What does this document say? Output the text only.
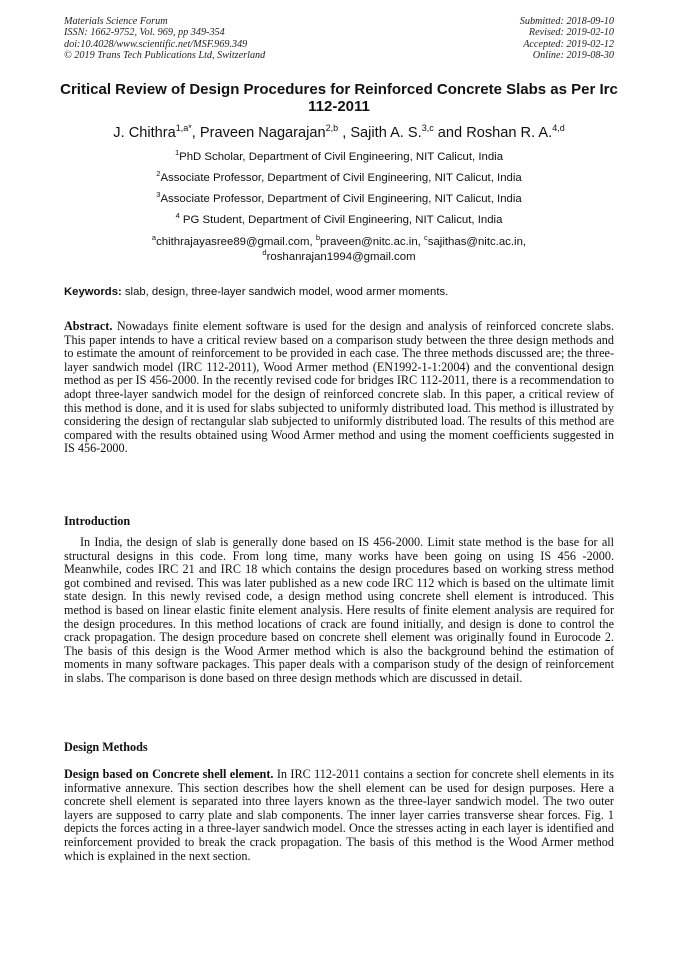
Materials Science Forum
ISSN: 1662-9752, Vol. 969, pp 349-354
doi:10.4028/www.scientific.net/MSF.969.349
© 2019 Trans Tech Publications Ltd, Switzerland
Submitted: 2018-09-10
Revised: 2019-02-10
Accepted: 2019-02-12
Online: 2019-08-30
Critical Review of Design Procedures for Reinforced Concrete Slabs as Per Irc 112-2011
J. Chithra$^{1,a*}$, Praveen Nagarajan$^{2,b}$ , Sajith A. S.$^{3,c}$ and Roshan R. A.$^{4,d}$
$^1$PhD Scholar, Department of Civil Engineering, NIT Calicut, India
$^2$Associate Professor, Department of Civil Engineering, NIT Calicut, India
$^3$Associate Professor, Department of Civil Engineering, NIT Calicut, India
$^4$ PG Student, Department of Civil Engineering, NIT Calicut, India
$^a$chithrajayasree89@gmail.com, $^b$praveen@nitc.ac.in, $^c$sajithas@nitc.ac.in,
$^d$roshanrajan1994@gmail.com
Keywords: slab, design, three-layer sandwich model, wood armer moments.
Abstract. Nowadays finite element software is used for the design and analysis of reinforced concrete slabs. This paper intends to have a critical review based on a comparison study between the three design methods and to estimate the amount of reinforcement to be provided in each case. The three methods discussed are; the three-layer sandwich model (IRC 112-2011), Wood Armer method (EN1992-1-1:2004) and the conventional design method as per IS 456-2000. In the recently revised code for bridges IRC 112-2011, there is a recommendation to adopt three-layer sandwich model for the design of reinforced concrete slab. In this paper, a critical review of this method is done, and it is used for slabs subjected to uniformly distributed load. This method is illustrated by considering the design of rectangular slab subjected to uniformly distributed load. The results of this method are compared with the results obtained using Wood Armer method and using the moment coefficients suggested in IS 456-2000.
Introduction
In India, the design of slab is generally done based on IS 456-2000. Limit state method is the base for all structural designs in this code. From long time, many works have been going on using IS 456 -2000. Meanwhile, codes IRC 21 and IRC 18 which contains the design procedures based on working stress method got combined and revised. This was later published as a new code IRC 112 which is based on the ultimate limit state design. In this newly revised code, a design method using concrete shell element is introduced. This method is based on linear elastic finite element analysis. Here results of finite element analysis are required for the design procedures. In this method locations of crack are found initially, and design is done to control the crack propagation. The design procedure based on concrete shell element was originally found in Eurocode 2. The basis of this design is the Wood Armer method which is also the background behind the estimation of moments in many software packages. This paper deals with a comparison study of the design of reinforcement in slabs. The comparison is done based on three design methods which are discussed in detail.
Design Methods
Design based on Concrete shell element. In IRC 112-2011 contains a section for concrete shell elements in its informative annexure. This section describes how the shell element can be used for design purposes. Here a concrete shell element is separated into three layers known as the three-layer sandwich model. The two outer layers are supposed to carry plate and slab components. The inner layer carries transverse shear forces. Fig. 1 depicts the forces acting in a three-layer sandwich model. Once the stresses acting in each layer is identified and reinforcement provided to break the crack propagation. The basis of this method is the Wood Armer method which is explained in the next section.
